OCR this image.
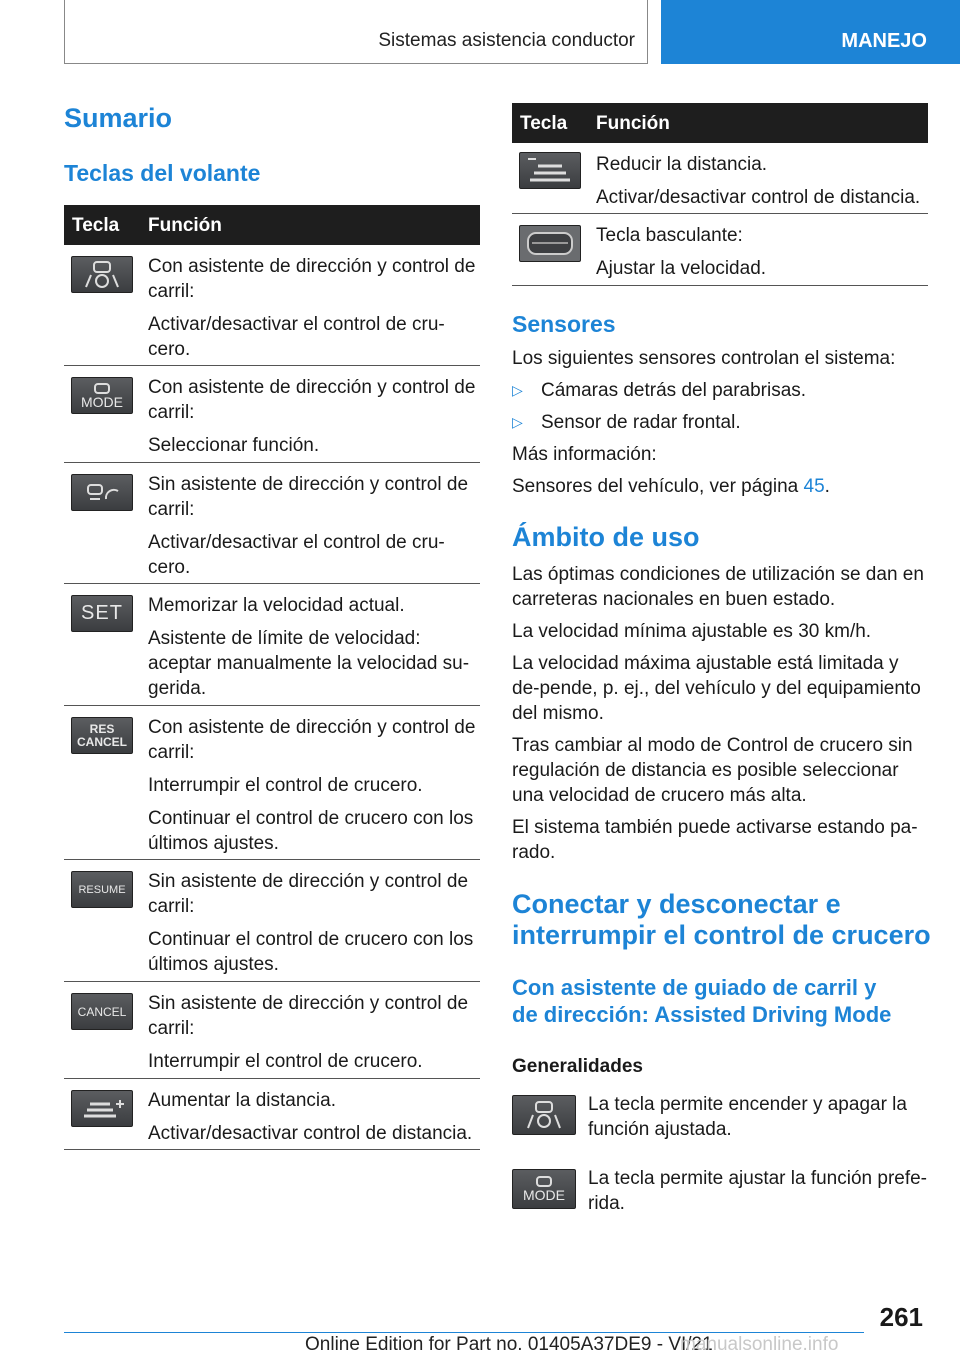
Sistemas asistencia conductor	MANEJO
Sumario
Teclas del volante
Tecla Función

Con asistente de dirección y control de carril:

Activar/desactivar el control de cru-cero.

MODE

Con asistente de dirección y control de carril:

Seleccionar función.

Sin asistente de dirección y control de carril:

Activar/desactivar el control de cru-cero.

SET Memorizar la velocidad actual.

Asistente de límite de velocidad: aceptar manualmente la velocidad su-gerida.

RES CANCEL

Con asistente de dirección y control de carril:

Interrumpir el control de crucero.

Continuar el control de crucero con los últimos ajustes.

RESUME Sin asistente de dirección y control de carril:

Continuar el control de crucero con los últimos ajustes.

CANCEL Sin asistente de dirección y control de carril:

Interrumpir el control de crucero.

Aumentar la distancia.

Activar/desactivar control de distancia.

Tecla Función

Reducir la distancia.

Activar/desactivar control de distancia.

Tecla basculante:

Ajustar la velocidad.

Sensores

Los siguientes sensores controlan el sistema:

▷ Cámaras detrás del parabrisas.
▷ Sensor de radar frontal.

Más información:

Sensores del vehículo, ver página 45.

Ámbito de uso

Las óptimas condiciones de utilización se dan en carreteras nacionales en buen estado.

La velocidad mínima ajustable es 30 km/h.

La velocidad máxima ajustable está limitada y de-pende, p. ej., del vehículo y del equipamiento del mismo.

Tras cambiar al modo de Control de crucero sin regulación de distancia es posible seleccionar una velocidad de crucero más alta.

El sistema también puede activarse estando pa-rado.

Conectar y desconectar e
interrumpir el control de crucero
Con asistente de guiado de carril y
de dirección: Assisted Driving Mode
Generalidades

La tecla permite encender y apagar la función ajustada.

MODE

La tecla permite ajustar la función prefe-rida.

261
Online Edition for Part no. 01405A37DE9 - VI/21
manualsonline.info
